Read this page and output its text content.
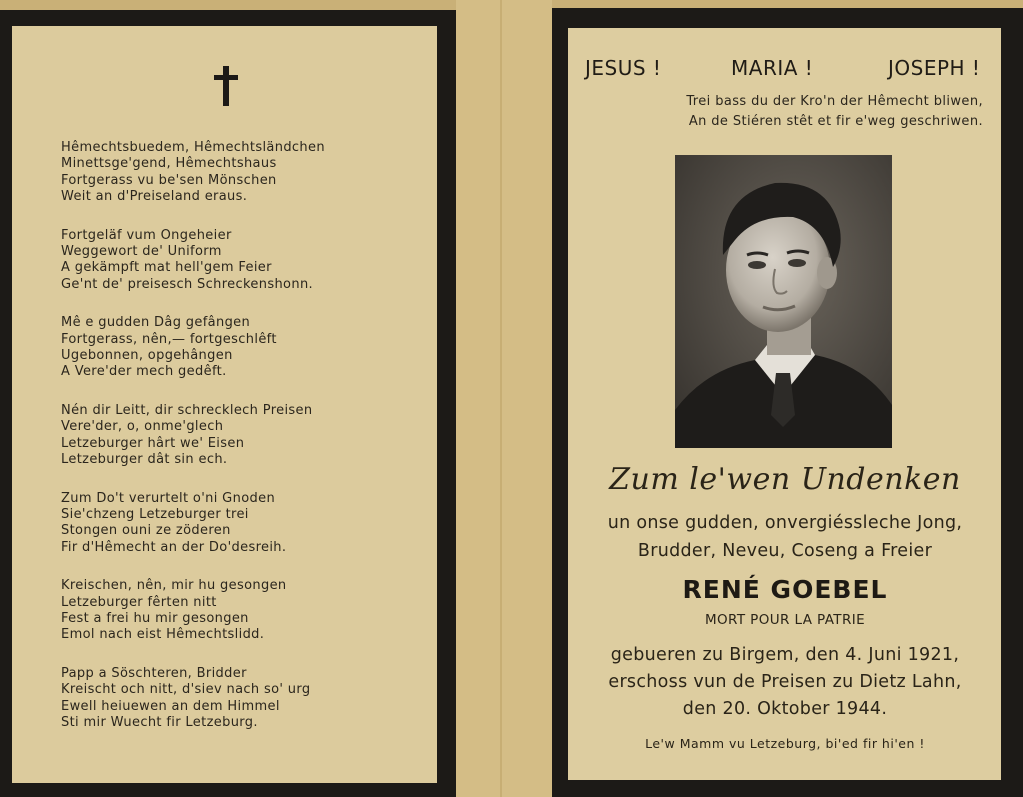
Hêmechtsbuedem, Hêmechtsländchen
Minettsge'gend, Hêmechtshaus
Fortgerass vu be'sen Mönschen
Weit an d'Preiseland eraus.
Fortgeläf vum Ongeheier
Weggewort de' Uniform
A gekämpft mat hell'gem Feier
Ge'nt de' preisesch Schreckenshonn.
Mê e gudden Dâg gefângen
Fortgerass, nên,— fortgeschlêft
Ugebonnen, opgehângen
A Vere'der mech gedêft.
Nén dir Leitt, dir schrecklech Preisen
Vere'der, o, onme'glech
Letzeburger hârt we' Eisen
Letzeburger dât sin ech.
Zum Do't verurtelt o'ni Gnoden
Sie'chzeng Letzeburger trei
Stongen ouni ze zöderen
Fir d'Hêmecht an der Do'desreih.
Kreischen, nên, mir hu gesongen
Letzeburger fêrten nitt
Fest a frei hu mir gesongen
Emol nach eist Hêmechtslidd.
Papp a Söschteren, Bridder
Kreischt och nitt, d'siev nach so' urg
Ewell heiuewen an dem Himmel
Sti mir Wuecht fir Letzeburg.
JESUS !	MARIA !	JOSEPH !
Trei bass du der Kro'n der Hêmecht bliwen,
An de Stiéren stêt et fir e'weg geschriwen.
Zum le'wen Undenken
un onse gudden, onvergiéssleche Jong,
Brudder, Neveu, Coseng a Freier
RENÉ GOEBEL
MORT POUR LA PATRIE
gebueren zu Birgem, den 4. Juni 1921,
erschoss vun de Preisen zu Dietz Lahn,
den 20. Oktober 1944.
Le'w Mamm vu Letzeburg, bi'ed fir hi'en !
